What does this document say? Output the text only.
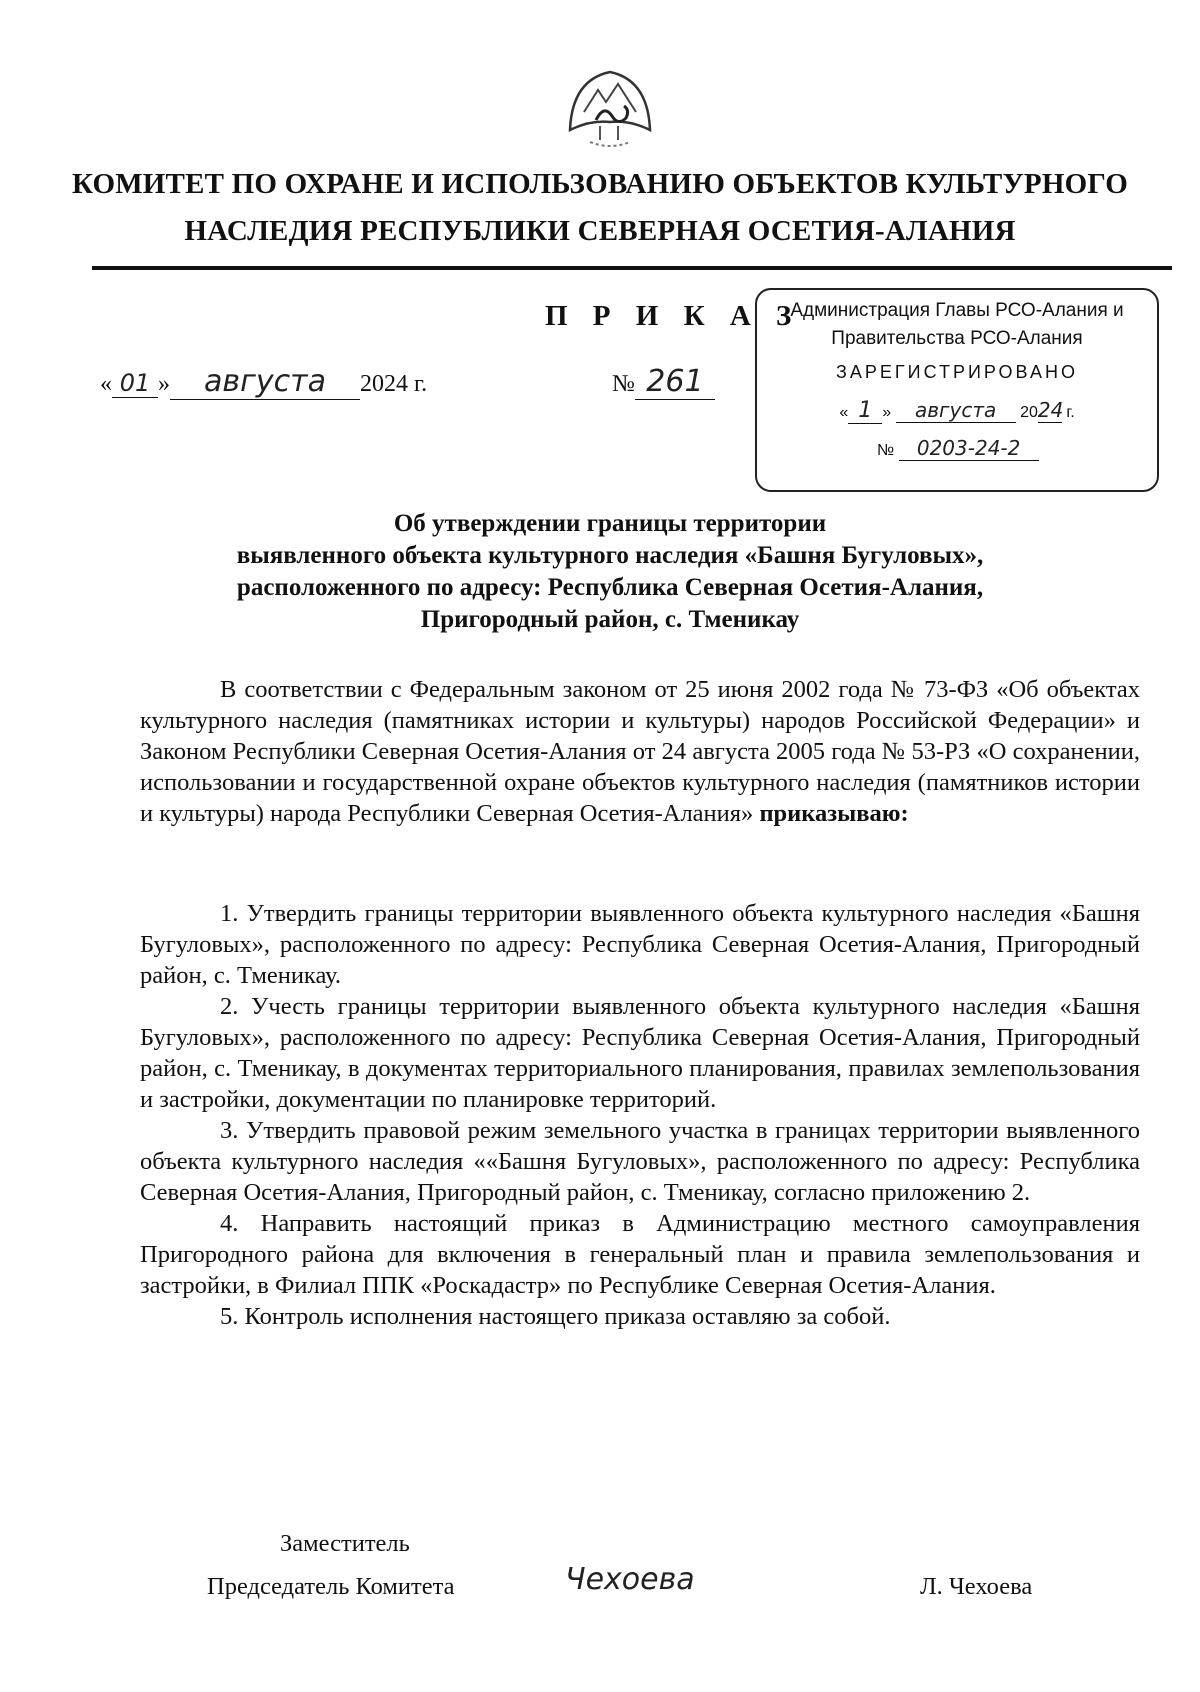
КОМИТЕТ ПО ОХРАНЕ И ИСПОЛЬЗОВАНИЮ ОБЪЕКТОВ КУЛЬТУРНОГО
НАСЛЕДИЯ РЕСПУБЛИКИ СЕВЕРНАЯ ОСЕТИЯ-АЛАНИЯ
П Р И К А З
« 01 » августа 2024 г.	№ 261
Администрация Главы РСО-Алания и
Правительства РСО-Алания
ЗАРЕГИСТРИРОВАНО
« 1 » августа 2024 г.
№ 0203-24-2
Об утверждении границы территории
выявленного объекта культурного наследия «Башня Бугуловых»,
расположенного по адресу: Республика Северная Осетия-Алания,
Пригородный район, с. Тменикау

В соответствии с Федеральным законом от 25 июня 2002 года № 73-ФЗ «Об объектах культурного наследия (памятниках истории и культуры) народов Российской Федерации» и Законом Республики Северная Осетия-Алания от 24 августа 2005 года № 53-РЗ «О сохранении, использовании и государственной охране объектов культурного наследия (памятников истории и культуры) народа Республики Северная Осетия-Алания» приказываю:

1. Утвердить границы территории выявленного объекта культурного наследия «Башня Бугуловых», расположенного по адресу: Республика Северная Осетия-Алания, Пригородный район, с. Тменикау.

2. Учесть границы территории выявленного объекта культурного наследия «Башня Бугуловых», расположенного по адресу: Республика Северная Осетия-Алания, Пригородный район, с. Тменикау, в документах территориального планирования, правилах землепользования и застройки, документации по планировке территорий.

3. Утвердить правовой режим земельного участка в границах территории выявленного объекта культурного наследия ««Башня Бугуловых», расположенного по адресу: Республика Северная Осетия-Алания, Пригородный район, с. Тменикау, согласно приложению 2.

4. Направить настоящий приказ в Администрацию местного самоуправления Пригородного района для включения в генеральный план и правила землепользования и застройки, в Филиал ППК «Роскадастр» по Республике Северная Осетия-Алания.

5. Контроль исполнения настоящего приказа оставляю за собой.

Заместитель
Председатель Комитета	Чехоева	Л. Чехоева
